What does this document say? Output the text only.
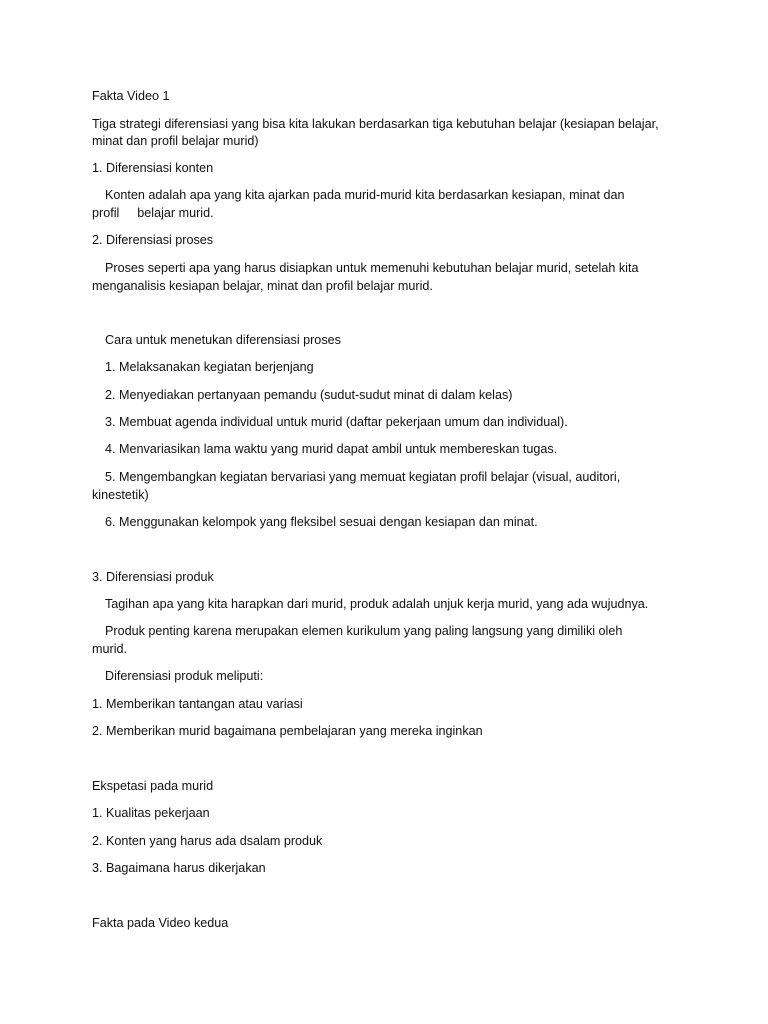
Fakta Video 1
Tiga strategi diferensiasi yang bisa kita lakukan berdasarkan tiga kebutuhan belajar (kesiapan belajar,
minat dan profil belajar murid)
1. Diferensiasi konten
Konten adalah apa yang kita ajarkan pada murid-murid kita berdasarkan kesiapan, minat dan
profil belajar murid.
2. Diferensiasi proses
Proses seperti apa yang harus disiapkan untuk memenuhi kebutuhan belajar murid, setelah kita
menganalisis kesiapan belajar, minat dan profil belajar murid.
Cara untuk menetukan diferensiasi proses
1. Melaksanakan kegiatan berjenjang
2. Menyediakan pertanyaan pemandu (sudut-sudut minat di dalam kelas)
3. Membuat agenda individual untuk murid (daftar pekerjaan umum dan individual).
4. Menvariasikan lama waktu yang murid dapat ambil untuk membereskan tugas.
5. Mengembangkan kegiatan bervariasi yang memuat kegiatan profil belajar (visual, auditori,
kinestetik)
6. Menggunakan kelompok yang fleksibel sesuai dengan kesiapan dan minat.
3. Diferensiasi produk
Tagihan apa yang kita harapkan dari murid, produk adalah unjuk kerja murid, yang ada wujudnya.
Produk penting karena merupakan elemen kurikulum yang paling langsung yang dimiliki oleh
murid.
Diferensiasi produk meliputi:
1. Memberikan tantangan atau variasi
2. Memberikan murid bagaimana pembelajaran yang mereka inginkan
Ekspetasi pada murid
1. Kualitas pekerjaan
2. Konten yang harus ada dsalam produk
3. Bagaimana harus dikerjakan
Fakta pada Video kedua
